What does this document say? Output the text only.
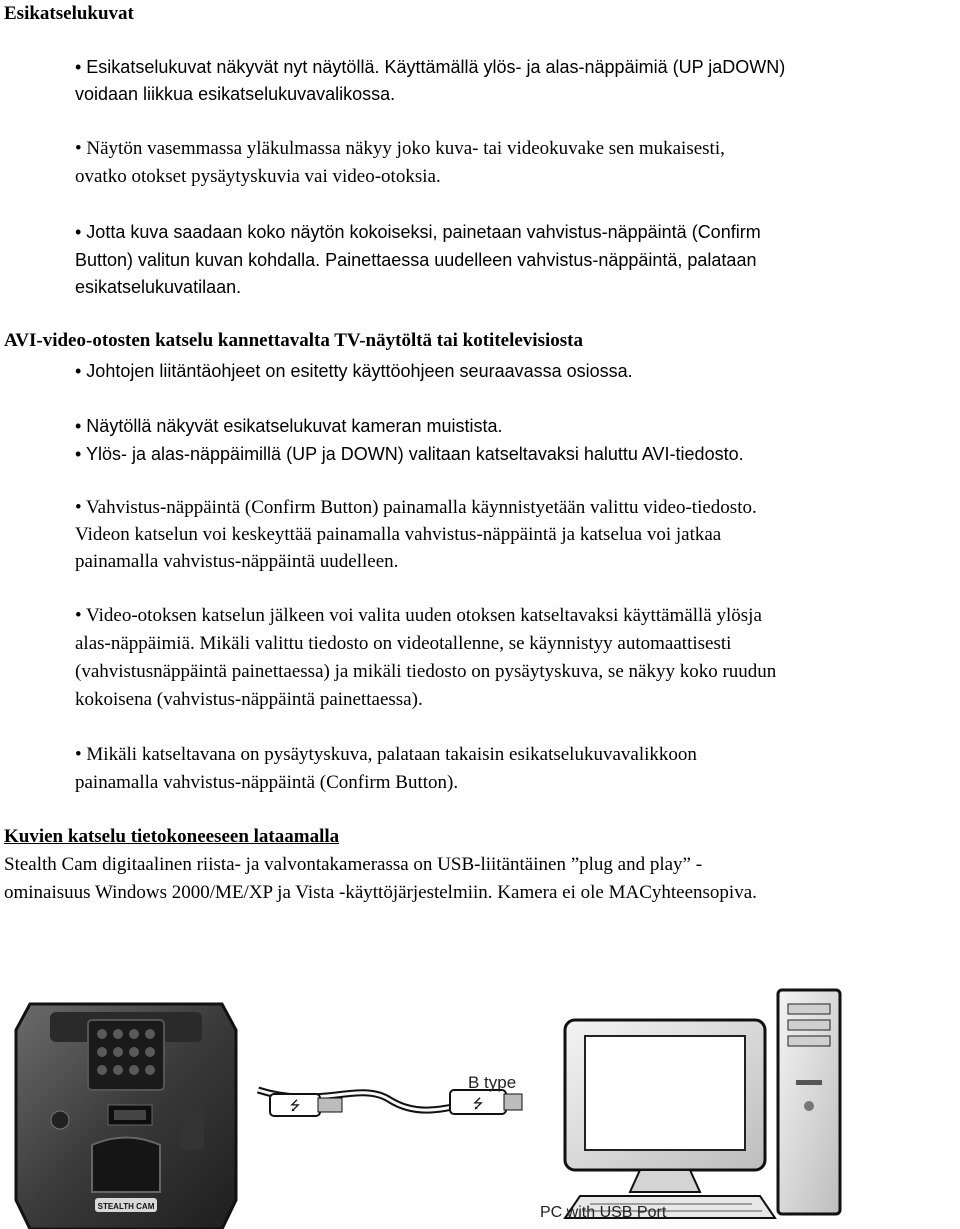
Esikatselukuvat
• Esikatselukuvat näkyvät nyt näytöllä. Käyttämällä ylös- ja alas-näppäimiä (UP jaDOWN)
voidaan liikkua esikatselukuvavalikossa.
• Näytön vasemmassa yläkulmassa näkyy joko kuva- tai videokuvake sen mukaisesti,
ovatko otokset pysäytyskuvia vai video-otoksia.
• Jotta kuva saadaan koko näytön kokoiseksi, painetaan vahvistus-näppäintä (Confirm
Button) valitun kuvan kohdalla. Painettaessa uudelleen vahvistus-näppäintä, palataan
esikatselukuvatilaan.
AVI-video-otosten katselu kannettavalta TV-näytöltä tai kotitelevisiosta
• Johtojen liitäntäohjeet on esitetty käyttöohjeen seuraavassa osiossa.
• Näytöllä näkyvät esikatselukuvat kameran muistista.
• Ylös- ja alas-näppäimillä (UP ja DOWN) valitaan katseltavaksi haluttu AVI-tiedosto.
• Vahvistus-näppäintä (Confirm Button) painamalla käynnistyetään valittu video-tiedosto.
Videon katselun voi keskeyttää painamalla vahvistus-näppäintä ja katselua voi jatkaa
painamalla vahvistus-näppäintä uudelleen.
• Video-otoksen katselun jälkeen voi valita uuden otoksen katseltavaksi käyttämällä ylösja
alas-näppäimiä. Mikäli valittu tiedosto on videotallenne, se käynnistyy automaattisesti
(vahvistusnäppäintä painettaessa) ja mikäli tiedosto on pysäytyskuva, se näkyy koko ruudun
kokoisena (vahvistus-näppäintä painettaessa).
• Mikäli katseltavana on pysäytyskuva, palataan takaisin esikatselukuvavalikkoon
painamalla vahvistus-näppäintä (Confirm Button).
Kuvien katselu tietokoneeseen lataamalla
Stealth Cam digitaalinen riista- ja valvontakamerassa on USB-liitäntäinen ”plug and play” -
ominaisuus Windows 2000/ME/XP ja Vista -käyttöjärjestelmiin. Kamera ei ole MACyhteensopiva.
STEALTH CAM
⭍	⭍
B type
PC with USB Port
